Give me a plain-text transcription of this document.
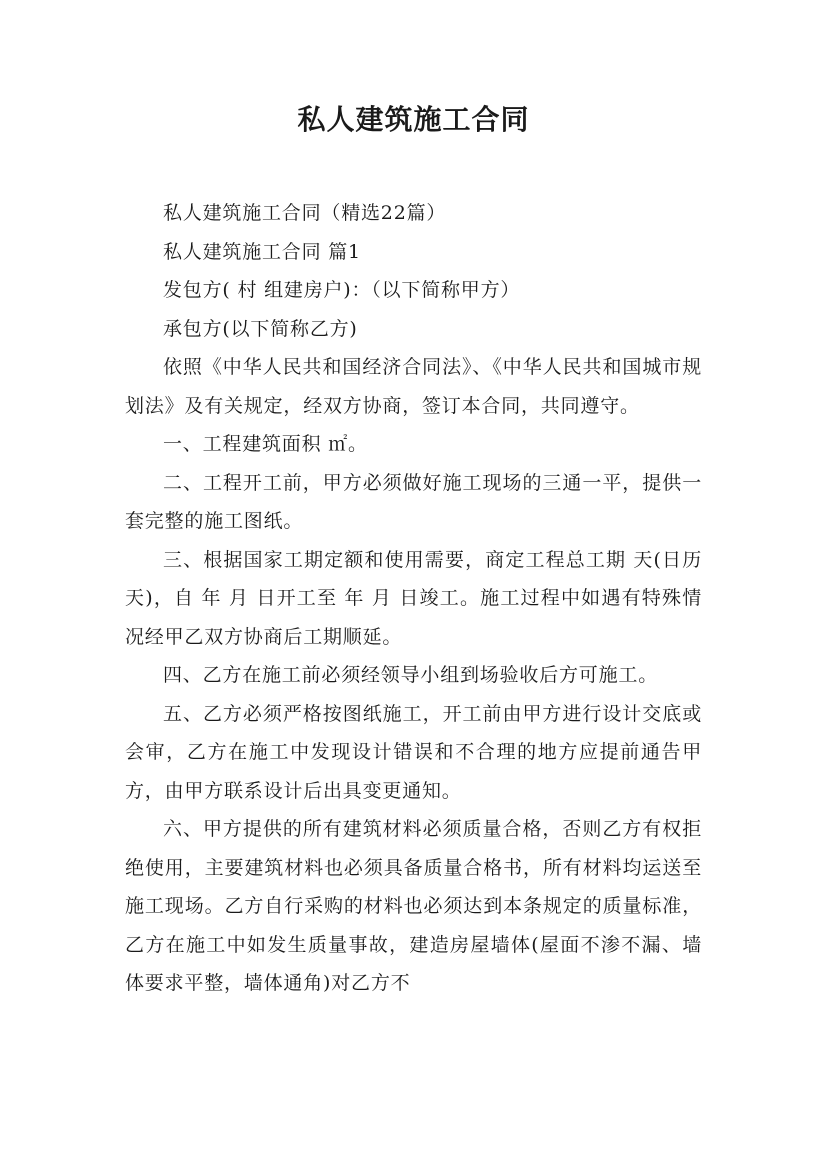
私人建筑施工合同

私人建筑施工合同（精选22篇）

私人建筑施工合同 篇1

发包方( 村 组建房户)：（以下简称甲方）

承包方(以下简称乙方)

依照《中华人民共和国经济合同法》、《中华人民共和国城市规划法》及有关规定，经双方协商，签订本合同，共同遵守。

一、工程建筑面积 ㎡。

二、工程开工前，甲方必须做好施工现场的三通一平，提供一套完整的施工图纸。

三、根据国家工期定额和使用需要，商定工程总工期 天(日历 天)，自 年 月 日开工至 年 月 日竣工。施工过程中如遇有特殊情况经甲乙双方协商后工期顺延。

四、乙方在施工前必须经领导小组到场验收后方可施工。

五、乙方必须严格按图纸施工，开工前由甲方进行设计交底或会审，乙方在施工中发现设计错误和不合理的地方应提前通告甲方，由甲方联系设计后出具变更通知。

六、甲方提供的所有建筑材料必须质量合格，否则乙方有权拒绝使用，主要建筑材料也必须具备质量合格书，所有材料均运送至施工现场。乙方自行采购的材料也必须达到本条规定的质量标准，乙方在施工中如发生质量事故，建造房屋墙体(屋面不渗不漏、墙体要求平整，墙体通角)对乙方不
